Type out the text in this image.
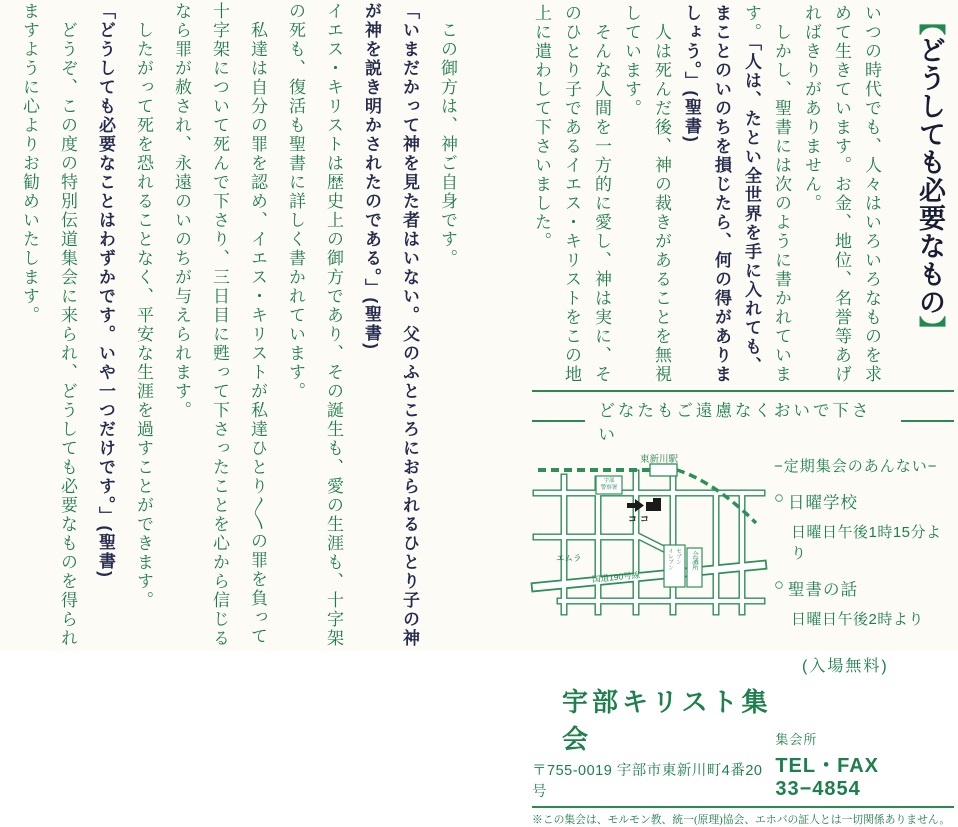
【どうしても必要なもの】

いつの時代でも、人々はいろいろなものを求めて生きています。お金、地位、名誉等あげればきりがありません。

しかし、聖書には次のように書かれています。「人は、たとい全世界を手に入れても、まことのいのちを損じたら、何の得がありましょう。」(聖書)

人は死んだ後、神の裁きがあることを無視しています。

そんな人間を一方的に愛し、神は実に、そのひとり子であるイエス・キリストをこの地上に遣わして下さいました。

この御方は、神ご自身です。

「いまだかって神を見た者はいない。父のふところにおられるひとり子の神が神を説き明かされたのである。」(聖書)

イエス・キリストは歴史上の御方であり、その誕生も、愛の生涯も、十字架の死も、復活も聖書に詳しく書かれています。

私達は自分の罪を認め、イエス・キリストが私達ひとり〳〵の罪を負って十字架について死んで下さり、三日目に甦って下さったことを心から信じるなら罪が赦され、永遠のいのちが与えられます。

したがって死を恐れることなく、平安な生涯を過すことができます。

「どうしても必要なことはわずかです。いや一つだけです。」(聖書)

どうぞ、この度の特別伝道集会に来られ、どうしても必要なものを得られますように心よりお勧めいたします。

どなたもご遠慮なくおいで下さい
東新川駅
宇部
警察署
ココ
エムラ
国道190号線
セブン
イレブン	会議所
−定期集会のあんない−
○ 日曜学校
日曜日午後1時15分より
○ 聖書の話
日曜日午後2時より
(入場無料)
宇部キリスト集会
〒755-0019 宇部市東新川町4番20号
集会所
TEL・FAX 33−4854
※この集会は、モルモン教、統一(原理)協会、エホバの証人とは一切関係ありません。
